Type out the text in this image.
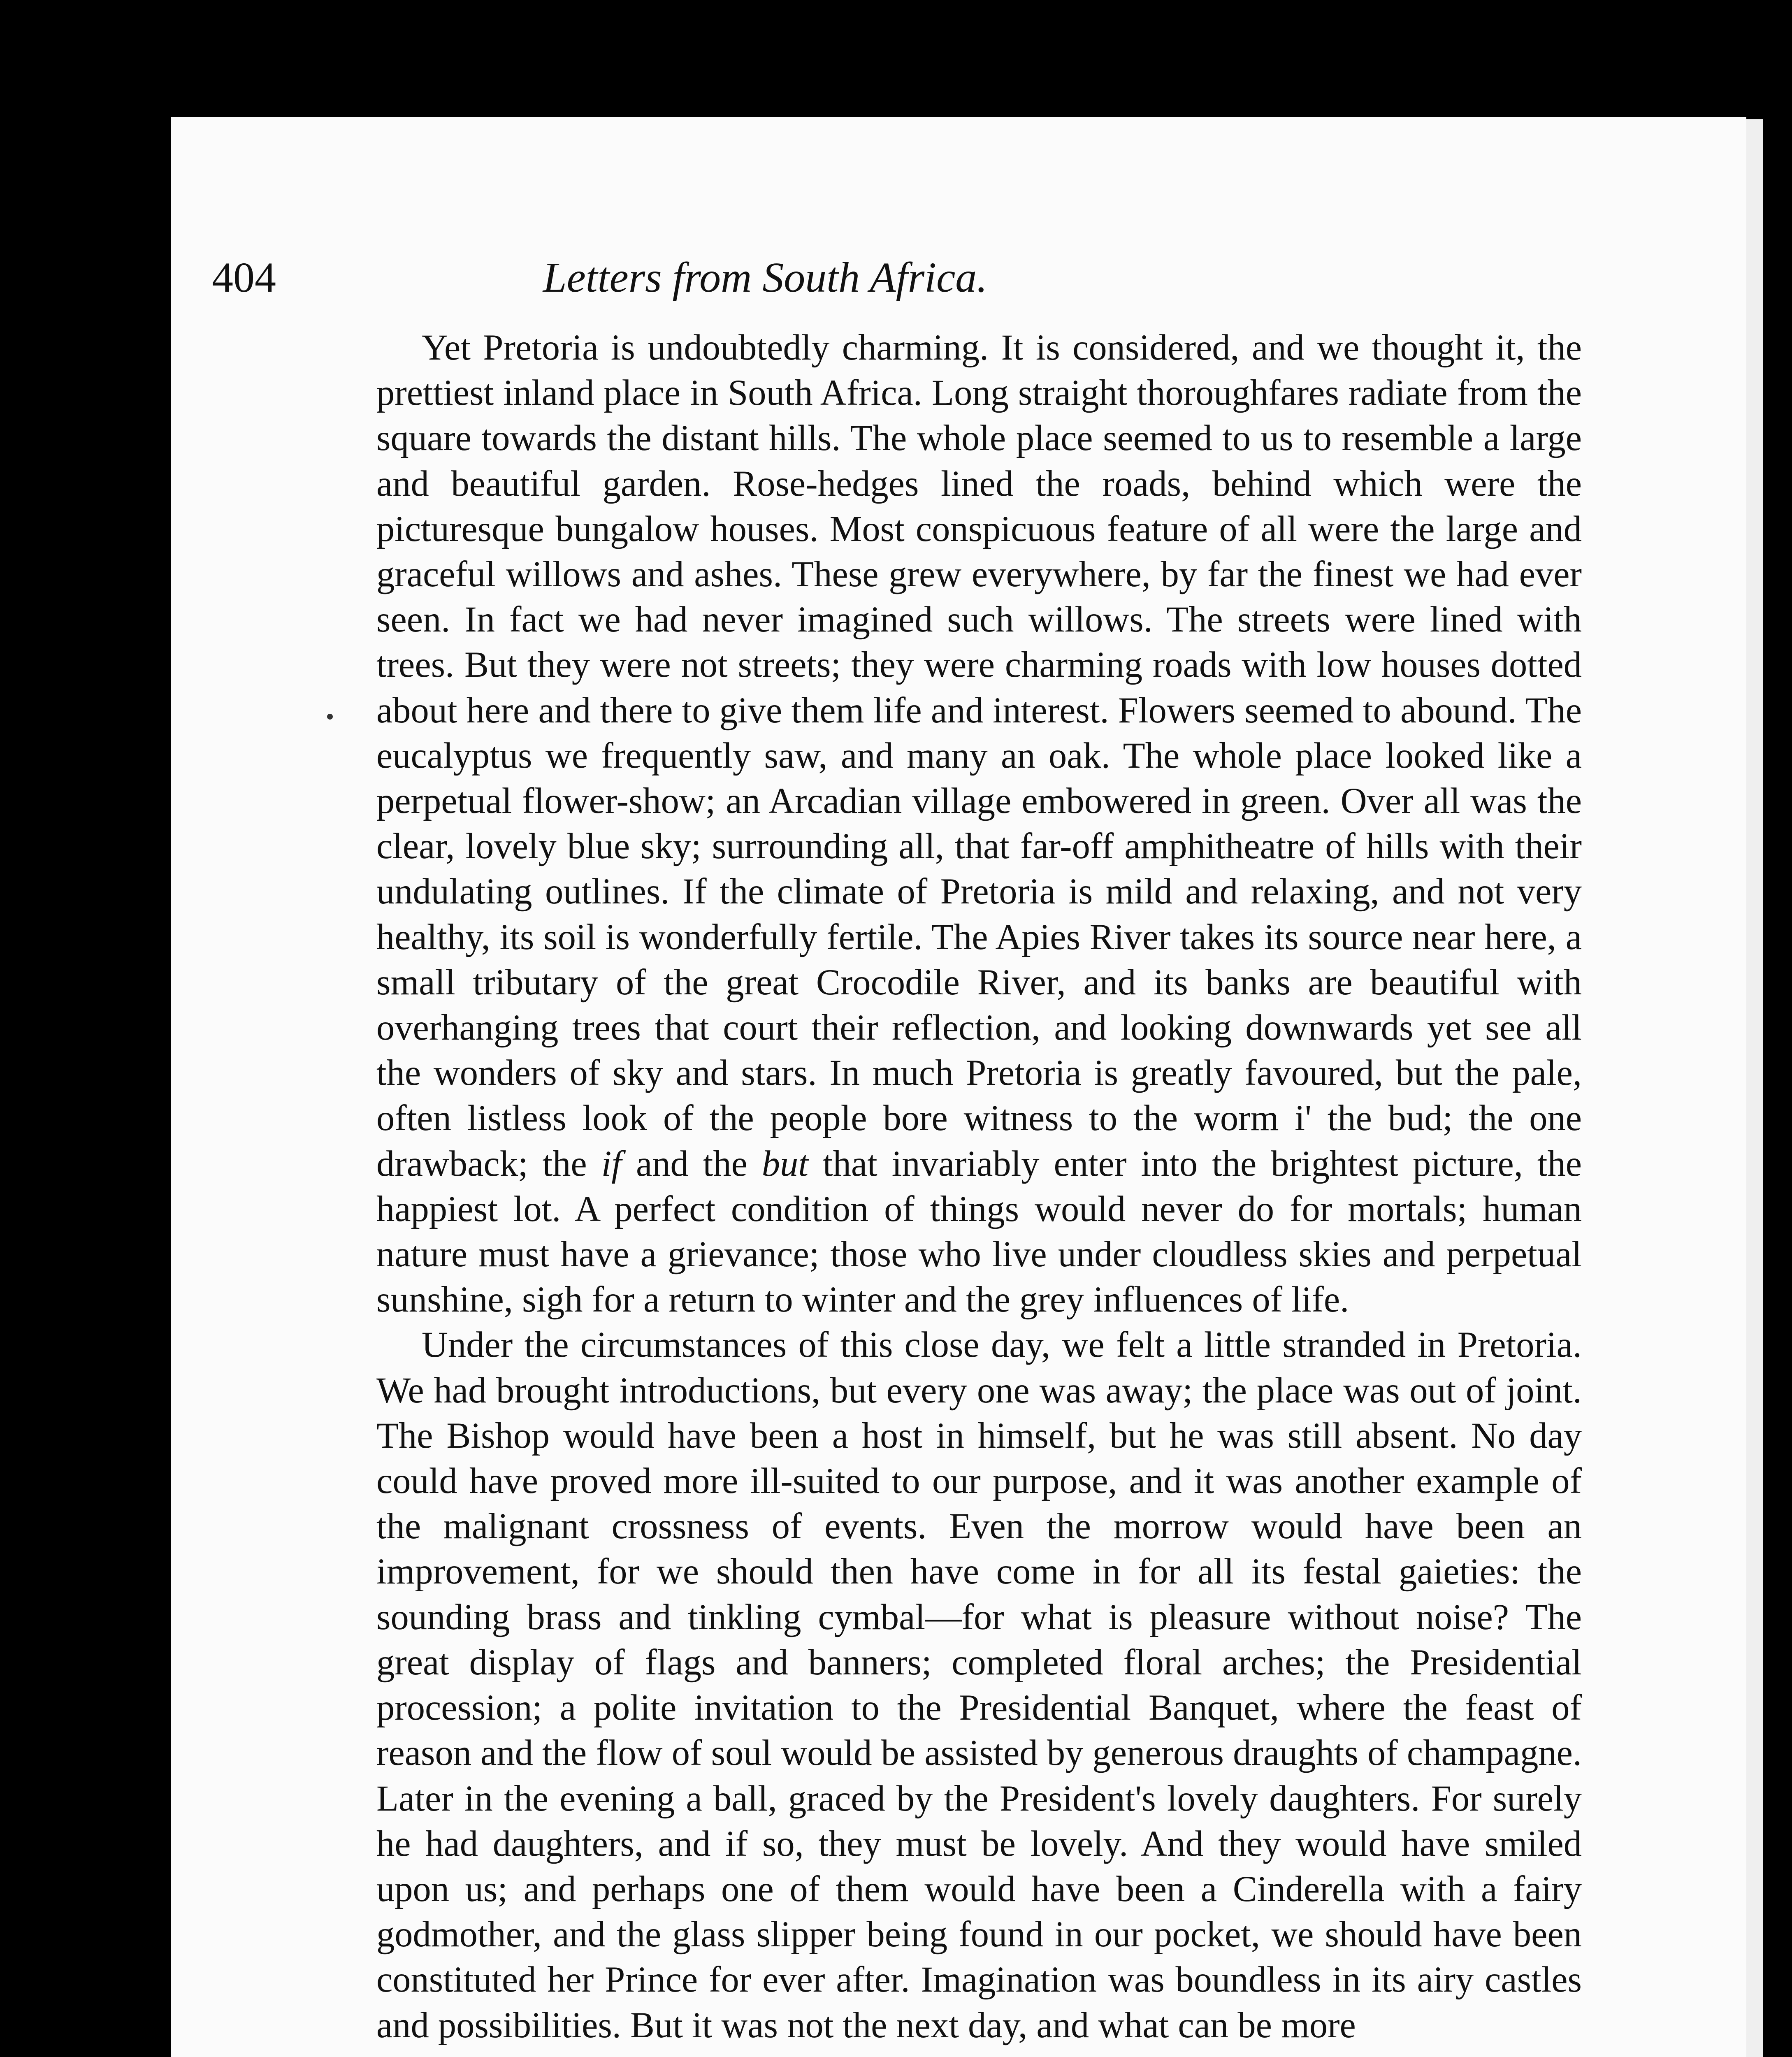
404	Letters from South Africa.

Yet Pretoria is undoubtedly charming. It is considered, and we thought it, the prettiest inland place in South Africa. Long straight thoroughfares radiate from the square towards the distant hills. The whole place seemed to us to resemble a large and beautiful garden. Rose-hedges lined the roads, behind which were the picturesque bungalow houses. Most conspicuous feature of all were the large and graceful willows and ashes. These grew everywhere, by far the finest we had ever seen. In fact we had never imagined such willows. The streets were lined with trees. But they were not streets; they were charming roads with low houses dotted about here and there to give them life and interest. Flowers seemed to abound. The eucalyptus we frequently saw, and many an oak. The whole place looked like a perpetual flower-show; an Arcadian village embowered in green. Over all was the clear, lovely blue sky; surrounding all, that far-off amphitheatre of hills with their undulating outlines. If the climate of Pretoria is mild and relaxing, and not very healthy, its soil is wonderfully fertile. The Apies River takes its source near here, a small tributary of the great Crocodile River, and its banks are beautiful with overhanging trees that court their reflection, and looking downwards yet see all the wonders of sky and stars. In much Pretoria is greatly favoured, but the pale, often listless look of the people bore witness to the worm i' the bud; the one drawback; the if and the but that invariably enter into the brightest picture, the happiest lot. A perfect condition of things would never do for mortals; human nature must have a grievance; those who live under cloudless skies and perpetual sunshine, sigh for a return to winter and the grey influences of life.

Under the circumstances of this close day, we felt a little stranded in Pretoria. We had brought introductions, but every one was away; the place was out of joint. The Bishop would have been a host in himself, but he was still absent. No day could have proved more ill-suited to our purpose, and it was another example of the malignant crossness of events. Even the morrow would have been an improvement, for we should then have come in for all its festal gaieties: the sounding brass and tinkling cymbal—for what is pleasure without noise? The great display of flags and banners; completed floral arches; the Presidential procession; a polite invitation to the Presidential Banquet, where the feast of reason and the flow of soul would be assisted by generous draughts of champagne. Later in the evening a ball, graced by the President's lovely daughters. For surely he had daughters, and if so, they must be lovely. And they would have smiled upon us; and perhaps one of them would have been a Cinderella with a fairy godmother, and the glass slipper being found in our pocket, we should have been constituted her Prince for ever after. Imagination was boundless in its airy castles and possibilities. But it was not the next day, and what can be more
